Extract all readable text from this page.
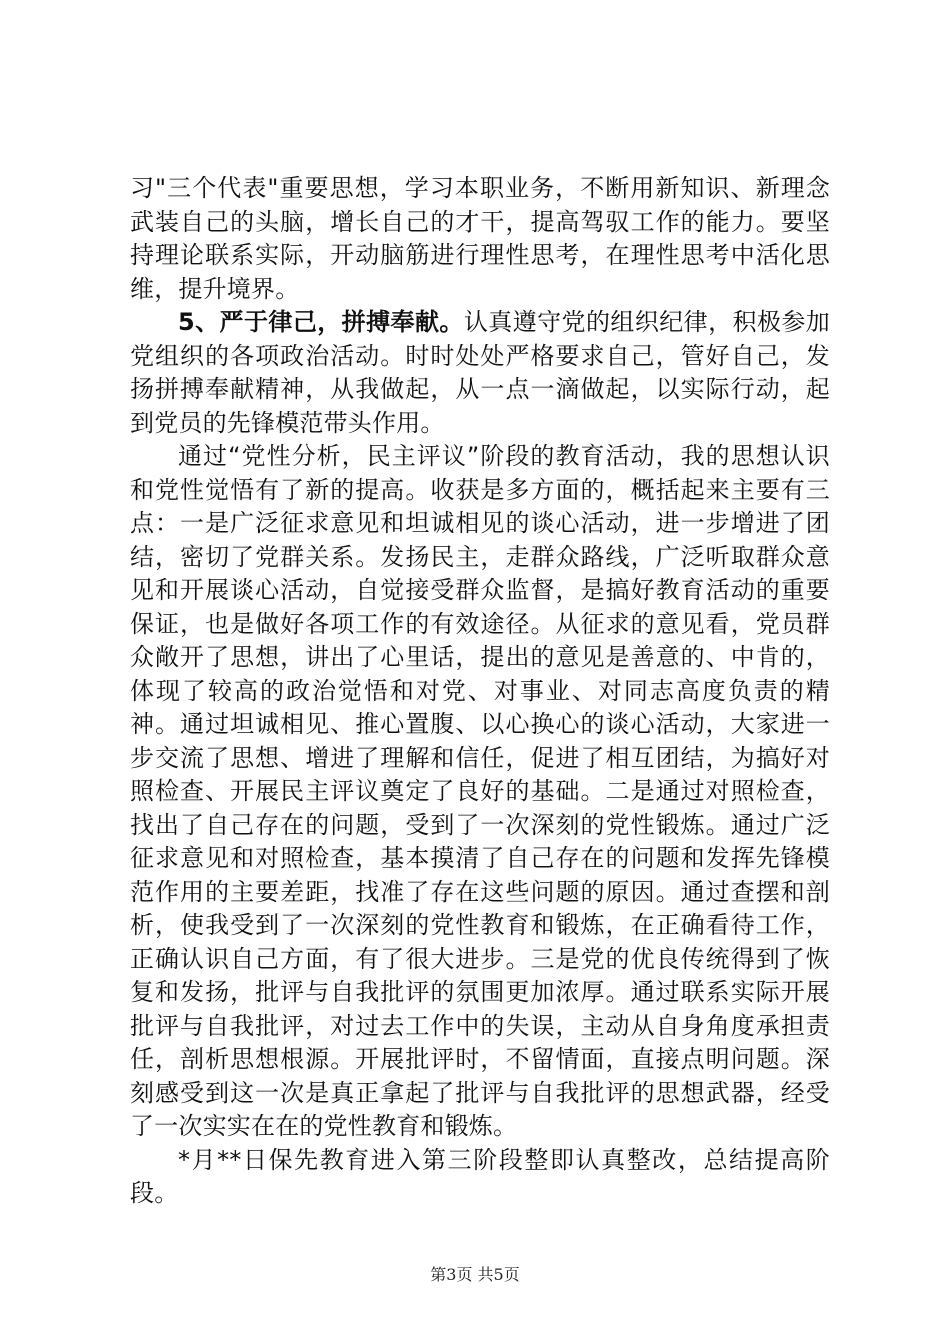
习"三个代表"重要思想，学习本职业务，不断用新知识、新理念武装自己的头脑，增长自己的才干，提高驾驭工作的能力。要坚持理论联系实际，开动脑筋进行理性思考，在理性思考中活化思维，提升境界。

5、严于律己，拼搏奉献。认真遵守党的组织纪律，积极参加党组织的各项政治活动。时时处处严格要求自己，管好自己，发扬拼搏奉献精神，从我做起，从一点一滴做起，以实际行动，起到党员的先锋模范带头作用。

通过“党性分析，民主评议”阶段的教育活动，我的思想认识和党性觉悟有了新的提高。收获是多方面的，概括起来主要有三点：一是广泛征求意见和坦诚相见的谈心活动，进一步增进了团结，密切了党群关系。发扬民主，走群众路线，广泛听取群众意见和开展谈心活动，自觉接受群众监督，是搞好教育活动的重要保证，也是做好各项工作的有效途径。从征求的意见看，党员群众敞开了思想，讲出了心里话，提出的意见是善意的、中肯的，体现了较高的政治觉悟和对党、对事业、对同志高度负责的精神。通过坦诚相见、推心置腹、以心换心的谈心活动，大家进一步交流了思想、增进了理解和信任，促进了相互团结，为搞好对照检查、开展民主评议奠定了良好的基础。二是通过对照检查，找出了自己存在的问题，受到了一次深刻的党性锻炼。通过广泛征求意见和对照检查，基本摸清了自己存在的问题和发挥先锋模范作用的主要差距，找准了存在这些问题的原因。通过查摆和剖析，使我受到了一次深刻的党性教育和锻炼，在正确看待工作，正确认识自己方面，有了很大进步。三是党的优良传统得到了恢复和发扬，批评与自我批评的氛围更加浓厚。通过联系实际开展批评与自我批评，对过去工作中的失误，主动从自身角度承担责任，剖析思想根源。开展批评时，不留情面，直接点明问题。深刻感受到这一次是真正拿起了批评与自我批评的思想武器，经受了一次实实在在的党性教育和锻炼。

*月**日保先教育进入第三阶段整即认真整改，总结提高阶段。

第3页 共5页
